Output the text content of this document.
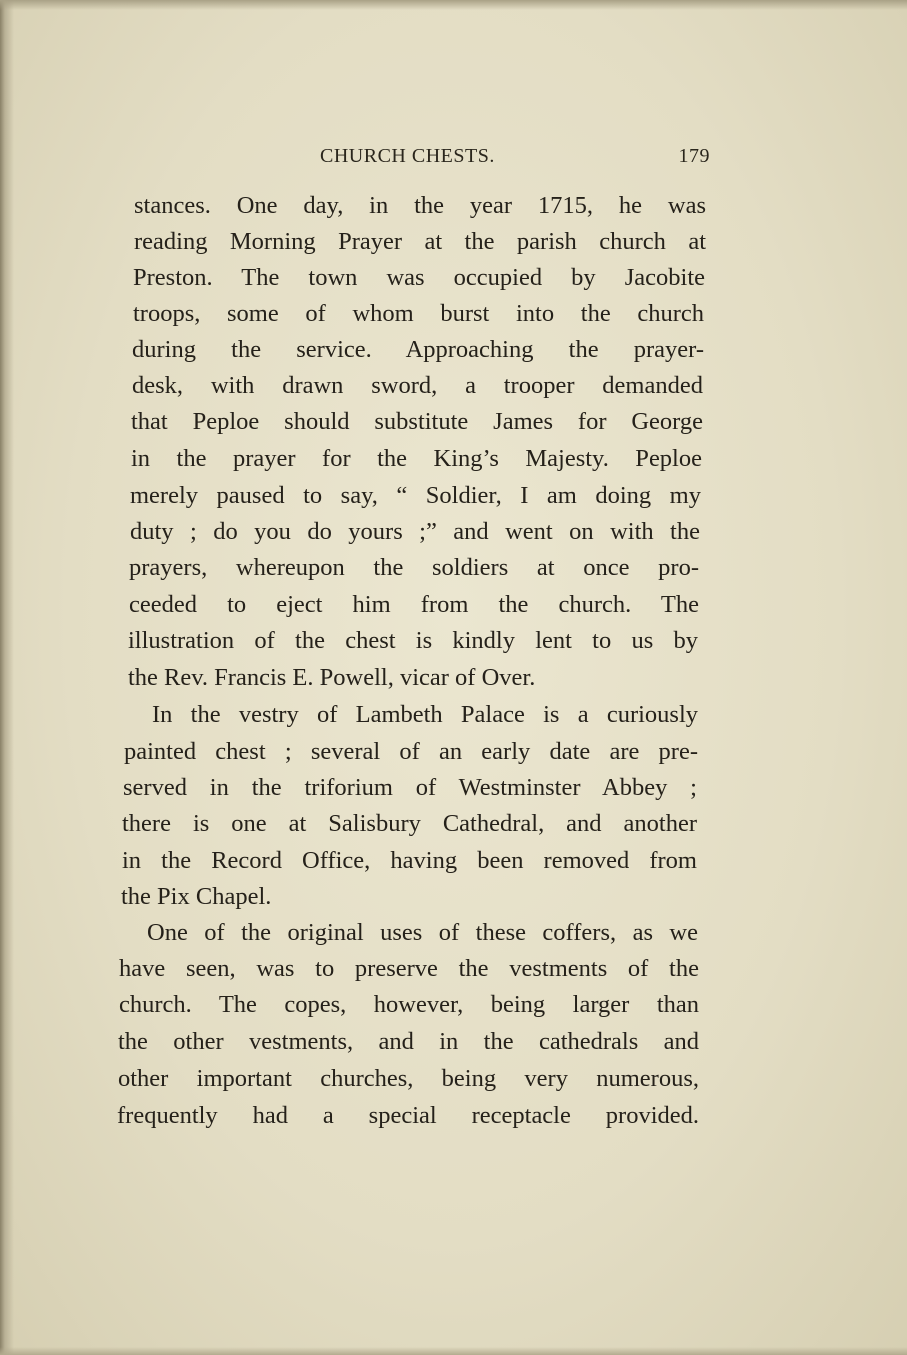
CHURCH CHESTS.	179
stances. One day, in the year 1715, he was
reading Morning Prayer at the parish church at
Preston. The town was occupied by Jacobite
troops, some of whom burst into the church
during the service. Approaching the prayer-
desk, with drawn sword, a trooper demanded
that Peploe should substitute James for George
in the prayer for the King’s Majesty. Peploe
merely paused to say, “ Soldier, I am doing my
duty ; do you do yours ;” and went on with the
prayers, whereupon the soldiers at once pro-
ceeded to eject him from the church. The
illustration of the chest is kindly lent to us by
the Rev. Francis E. Powell, vicar of Over.
In the vestry of Lambeth Palace is a curiously
painted chest ; several of an early date are pre-
served in the triforium of Westminster Abbey ;
there is one at Salisbury Cathedral, and another
in the Record Office, having been removed from
the Pix Chapel.
One of the original uses of these coffers, as we
have seen, was to preserve the vestments of the
church. The copes, however, being larger than
the other vestments, and in the cathedrals and
other important churches, being very numerous,
frequently had a special receptacle provided.
